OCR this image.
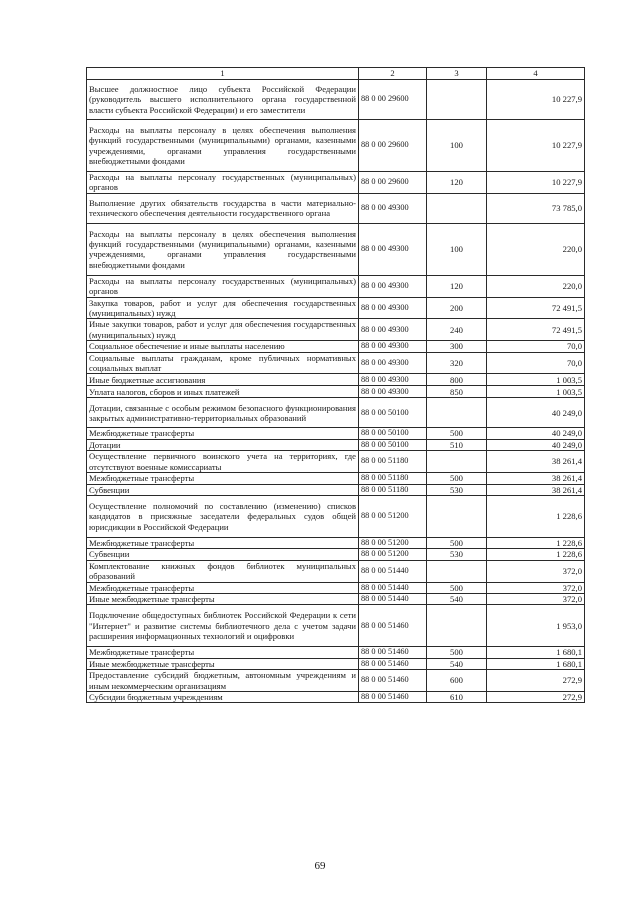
1	2	3	4
Высшее должностное лицо субъекта Российской Федерации (руководитель высшего исполнительного органа государственной власти субъекта Российской Федерации) и его заместители	88 0 00 29600		10 227,9
Расходы на выплаты персоналу в целях обеспечения выполнения функций государственными (муниципальными) органами, казенными учреждениями, органами управления государственными внебюджетными фондами	88 0 00 29600	100	10 227,9
Расходы на выплаты персоналу государственных (муниципальных) органов	88 0 00 29600	120	10 227,9
Выполнение других обязательств государства в части материально-технического обеспечения деятельности государственного органа	88 0 00 49300		73 785,0
Расходы на выплаты персоналу в целях обеспечения выполнения функций государственными (муниципальными) органами, казенными учреждениями, органами управления государственными внебюджетными фондами	88 0 00 49300	100	220,0
Расходы на выплаты персоналу государственных (муниципальных) органов	88 0 00 49300	120	220,0
Закупка товаров, работ и услуг для обеспечения государственных (муниципальных) нужд	88 0 00 49300	200	72 491,5
Иные закупки товаров, работ и услуг для обеспечения государственных (муниципальных) нужд	88 0 00 49300	240	72 491,5
Социальное обеспечение и иные выплаты населению	88 0 00 49300	300	70,0
Социальные выплаты гражданам, кроме публичных нормативных социальных выплат	88 0 00 49300	320	70,0
Иные бюджетные ассигнования	88 0 00 49300	800	1 003,5
Уплата налогов, сборов и иных платежей	88 0 00 49300	850	1 003,5
Дотации, связанные с особым режимом безопасного функционирования закрытых административно-территориальных образований	88 0 00 50100		40 249,0
Межбюджетные трансферты	88 0 00 50100	500	40 249,0
Дотации	88 0 00 50100	510	40 249,0
Осуществление первичного воинского учета на территориях, где отсутствуют военные комиссариаты	88 0 00 51180		38 261,4
Межбюджетные трансферты	88 0 00 51180	500	38 261,4
Субвенции	88 0 00 51180	530	38 261,4
Осуществление полномочий по составлению (изменению) списков кандидатов в присяжные заседатели федеральных судов общей юрисдикции в Российской Федерации	88 0 00 51200		1 228,6
Межбюджетные трансферты	88 0 00 51200	500	1 228,6
Субвенции	88 0 00 51200	530	1 228,6
Комплектование книжных фондов библиотек муниципальных образований	88 0 00 51440		372,0
Межбюджетные трансферты	88 0 00 51440	500	372,0
Иные межбюджетные трансферты	88 0 00 51440	540	372,0
Подключение общедоступных библиотек Российской Федерации к сети "Интернет" и развитие системы библиотечного дела с учетом задачи расширения информационных технологий и оцифровки	88 0 00 51460		1 953,0
Межбюджетные трансферты	88 0 00 51460	500	1 680,1
Иные межбюджетные трансферты	88 0 00 51460	540	1 680,1
Предоставление субсидий бюджетным, автономным учреждениям и иным некоммерческим организациям	88 0 00 51460	600	272,9
Субсидии бюджетным учреждениям	88 0 00 51460	610	272,9
69
